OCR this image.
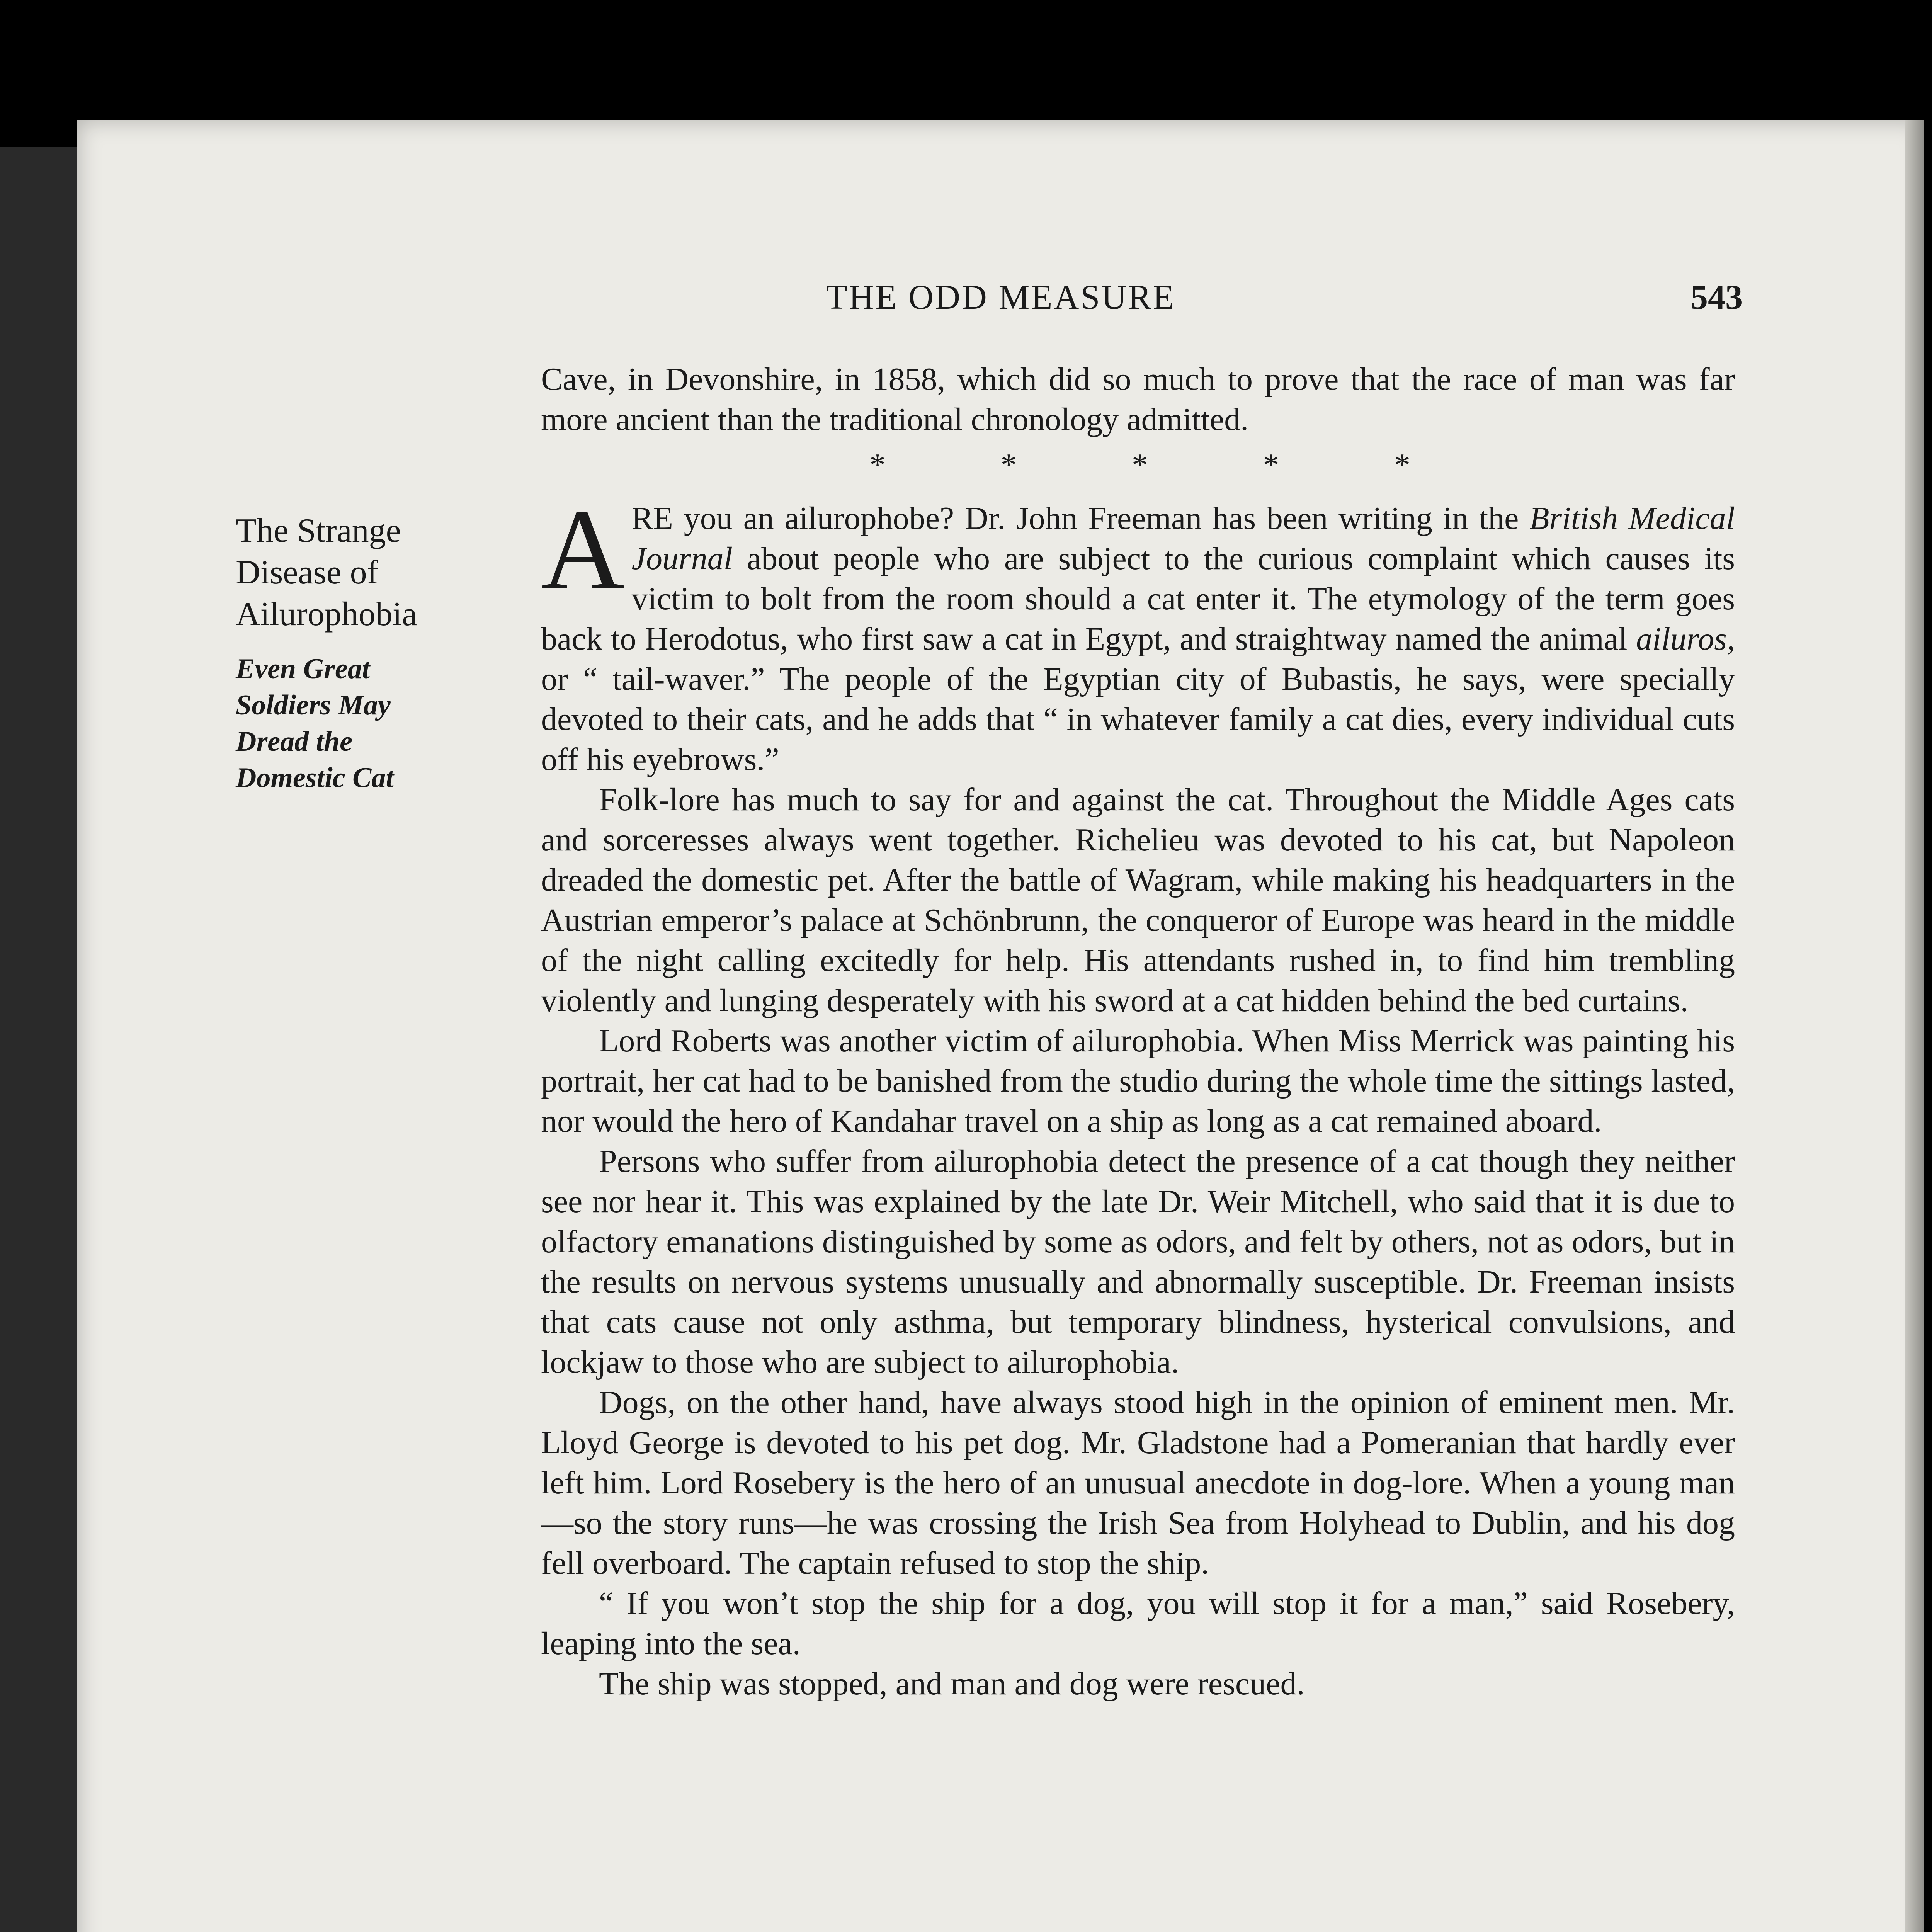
THE ODD MEASURE	543

Cave, in Devonshire, in 1858, which did so much to prove that the race of man was far more ancient than the traditional chronology admitted.

*	*	*	*	*

The Strange
Disease of
Ailurophobia

Even Great
Soldiers May
Dread the
Domestic Cat

ARE you an ailurophobe? Dr. John Freeman has been writing in the British Medical Journal about people who are subject to the curious complaint which causes its victim to bolt from the room should a cat enter it. The etymology of the term goes back to Herodotus, who first saw a cat in Egypt, and straightway named the animal ailuros, or “ tail-waver.” The people of the Egyptian city of Bubastis, he says, were specially devoted to their cats, and he adds that “ in whatever family a cat dies, every individual cuts off his eyebrows.”

Folk-lore has much to say for and against the cat. Throughout the Middle Ages cats and sorceresses always went together. Richelieu was devoted to his cat, but Napoleon dreaded the domestic pet. After the battle of Wagram, while making his headquarters in the Austrian emperor’s palace at Schönbrunn, the conqueror of Europe was heard in the middle of the night calling excitedly for help. His attendants rushed in, to find him trembling violently and lunging desperately with his sword at a cat hidden behind the bed curtains.

Lord Roberts was another victim of ailurophobia. When Miss Merrick was painting his portrait, her cat had to be banished from the studio during the whole time the sittings lasted, nor would the hero of Kandahar travel on a ship as long as a cat remained aboard.

Persons who suffer from ailurophobia detect the presence of a cat though they neither see nor hear it. This was explained by the late Dr. Weir Mitchell, who said that it is due to olfactory emanations distinguished by some as odors, and felt by others, not as odors, but in the results on nervous systems unusually and abnormally susceptible. Dr. Freeman insists that cats cause not only asthma, but temporary blindness, hysterical convulsions, and lockjaw to those who are subject to ailurophobia.

Dogs, on the other hand, have always stood high in the opinion of eminent men. Mr. Lloyd George is devoted to his pet dog. Mr. Gladstone had a Pomeranian that hardly ever left him. Lord Rosebery is the hero of an unusual anecdote in dog-lore. When a young man—so the story runs—he was crossing the Irish Sea from Holyhead to Dublin, and his dog fell overboard. The captain refused to stop the ship.

“ If you won’t stop the ship for a dog, you will stop it for a man,” said Rosebery, leaping into the sea.

The ship was stopped, and man and dog were rescued.
